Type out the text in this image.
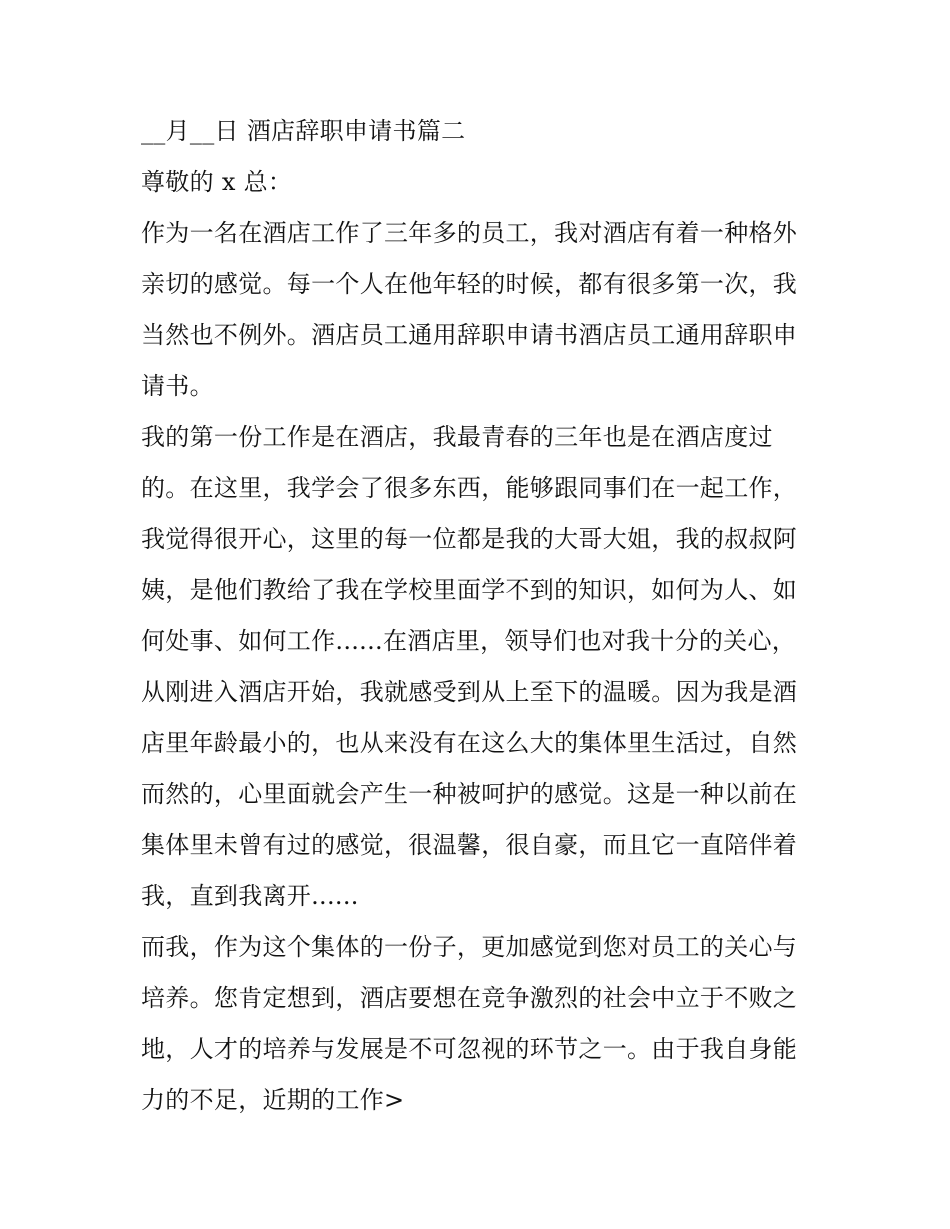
__月__日 酒店辞职申请书篇二
尊敬的 x 总：
作为一名在酒店工作了三年多的员工，我对酒店有着一种格外
亲切的感觉。每一个人在他年轻的时候，都有很多第一次，我
当然也不例外。酒店员工通用辞职申请书酒店员工通用辞职申
请书。
我的第一份工作是在酒店，我最青春的三年也是在酒店度过
的。在这里，我学会了很多东西，能够跟同事们在一起工作，
我觉得很开心，这里的每一位都是我的大哥大姐，我的叔叔阿
姨，是他们教给了我在学校里面学不到的知识，如何为人、如
何处事、如何工作......在酒店里，领导们也对我十分的关心，
从刚进入酒店开始，我就感受到从上至下的温暖。因为我是酒
店里年龄最小的，也从来没有在这么大的集体里生活过，自然
而然的，心里面就会产生一种被呵护的感觉。这是一种以前在
集体里未曾有过的感觉，很温馨，很自豪，而且它一直陪伴着
我，直到我离开......
而我，作为这个集体的一份子，更加感觉到您对员工的关心与
培养。您肯定想到，酒店要想在竞争激烈的社会中立于不败之
地，人才的培养与发展是不可忽视的环节之一。由于我自身能
力的不足，近期的工作>
